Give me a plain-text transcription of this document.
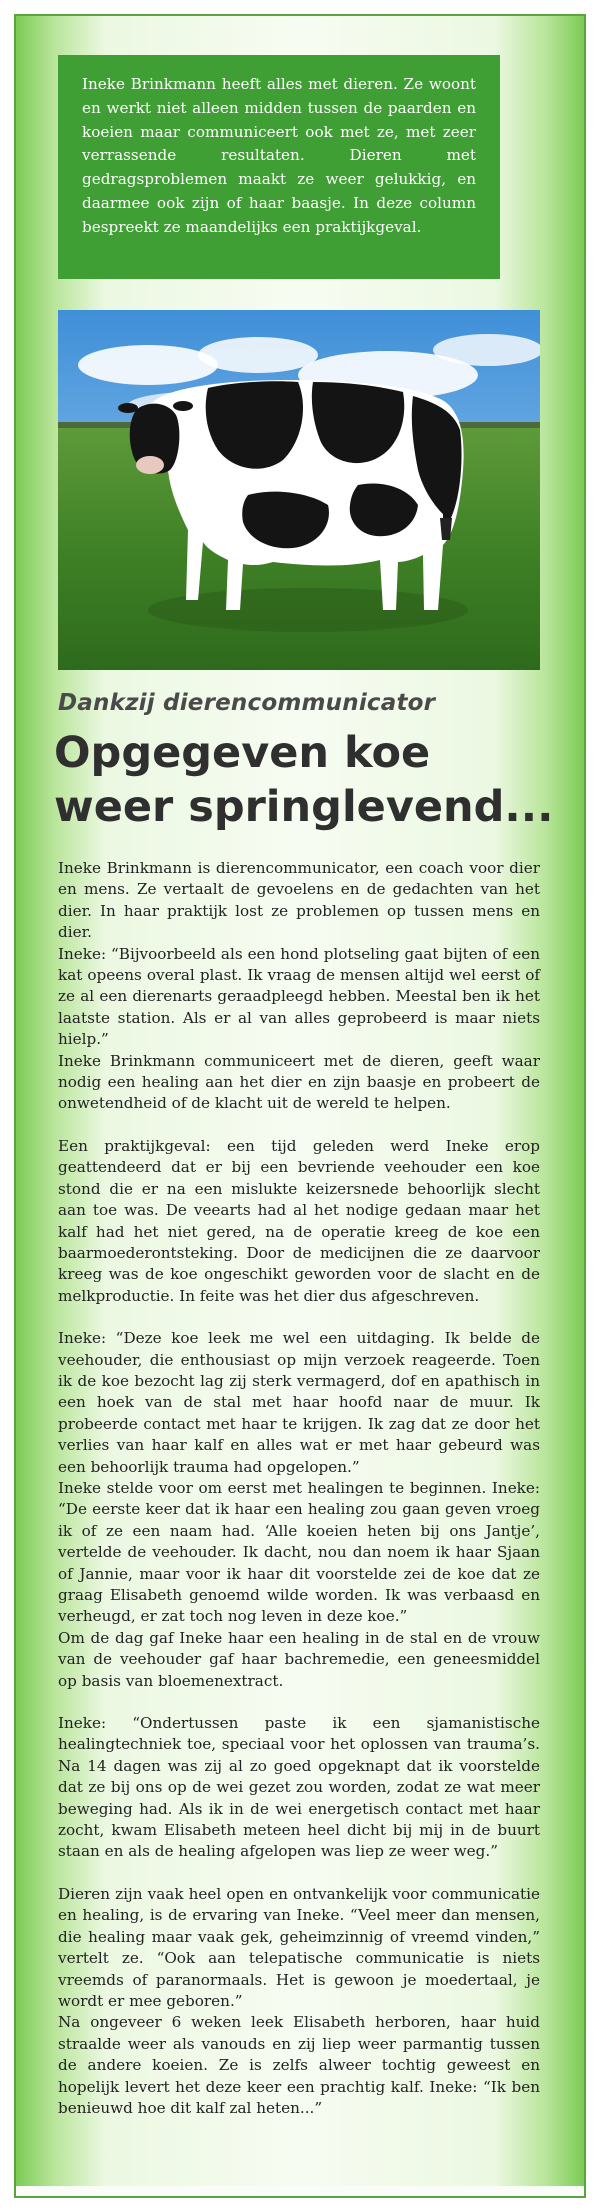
Ineke Brinkmann heeft alles met dieren. Ze woont en werkt niet alleen midden tussen de paarden en koeien maar communiceert ook met ze, met zeer verrassende resultaten. Dieren met gedragsproblemen maakt ze weer gelukkig, en daarmee ook zijn of haar baasje. In deze column bespreekt ze maandelijks een praktijkgeval.
Dankzij dierencommunicator
Opgegeven koe
weer springlevend...

Ineke Brinkmann is dierencommunicator, een coach voor dier en mens. Ze vertaalt de gevoelens en de gedachten van het dier. In haar praktijk lost ze problemen op tussen mens en dier.

Ineke: “Bijvoorbeeld als een hond plotseling gaat bijten of een kat opeens overal plast. Ik vraag de mensen altijd wel eerst of ze al een dierenarts geraadpleegd hebben. Meestal ben ik het laatste station. Als er al van alles geprobeerd is maar niets hielp.”

Ineke Brinkmann communiceert met de dieren, geeft waar nodig een healing aan het dier en zijn baasje en probeert de onwetendheid of de klacht uit de wereld te helpen.

Een praktijkgeval: een tijd geleden werd Ineke erop geattendeerd dat er bij een bevriende veehouder een koe stond die er na een mislukte keizersnede behoorlijk slecht aan toe was. De veearts had al het nodige gedaan maar het kalf had het niet gered, na de operatie kreeg de koe een baarmoederontsteking. Door de medicijnen die ze daarvoor kreeg was de koe ongeschikt geworden voor de slacht en de melkproductie. In feite was het dier dus afgeschreven.

Ineke: “Deze koe leek me wel een uitdaging. Ik belde de veehouder, die enthousiast op mijn verzoek reageerde. Toen ik de koe bezocht lag zij sterk vermagerd, dof en apathisch in een hoek van de stal met haar hoofd naar de muur. Ik probeerde contact met haar te krijgen. Ik zag dat ze door het verlies van haar kalf en alles wat er met haar gebeurd was een behoorlijk trauma had opgelopen.”

Ineke stelde voor om eerst met healingen te beginnen. Ineke: “De eerste keer dat ik haar een healing zou gaan geven vroeg ik of ze een naam had. ‘Alle koeien heten bij ons Jantje’, vertelde de veehouder. Ik dacht, nou dan noem ik haar Sjaan of Jannie, maar voor ik haar dit voorstelde zei de koe dat ze graag Elisabeth genoemd wilde worden. Ik was verbaasd en verheugd, er zat toch nog leven in deze koe.”

Om de dag gaf Ineke haar een healing in de stal en de vrouw van de veehouder gaf haar bachremedie, een geneesmiddel op basis van bloemenextract.

Ineke: “Ondertussen paste ik een sjamanistische healingtechniek toe, speciaal voor het oplossen van trauma’s. Na 14 dagen was zij al zo goed opgeknapt dat ik voorstelde dat ze bij ons op de wei gezet zou worden, zodat ze wat meer beweging had. Als ik in de wei energetisch contact met haar zocht, kwam Elisabeth meteen heel dicht bij mij in de buurt staan en als de healing afgelopen was liep ze weer weg.”

Dieren zijn vaak heel open en ontvankelijk voor communicatie en healing, is de ervaring van Ineke. “Veel meer dan mensen, die healing maar vaak gek, geheimzinnig of vreemd vinden,” vertelt ze. “Ook aan telepatische communicatie is niets vreemds of paranormaals. Het is gewoon je moedertaal, je wordt er mee geboren.”

Na ongeveer 6 weken leek Elisabeth herboren, haar huid straalde weer als vanouds en zij liep weer parmantig tussen de andere koeien. Ze is zelfs alweer tochtig geweest en hopelijk levert het deze keer een prachtig kalf. Ineke: “Ik ben benieuwd hoe dit kalf zal heten...”
